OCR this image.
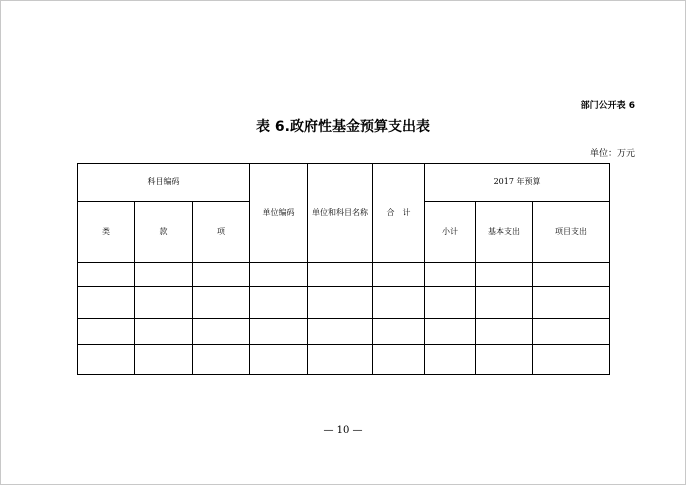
部门公开表 6
表 6.政府性基金预算支出表
单位：万元
科目编码			单位编码	单位和科目名称	合　计	2017 年预算		
类	款	项				小计	基本支出	项目支出

— 10 —
